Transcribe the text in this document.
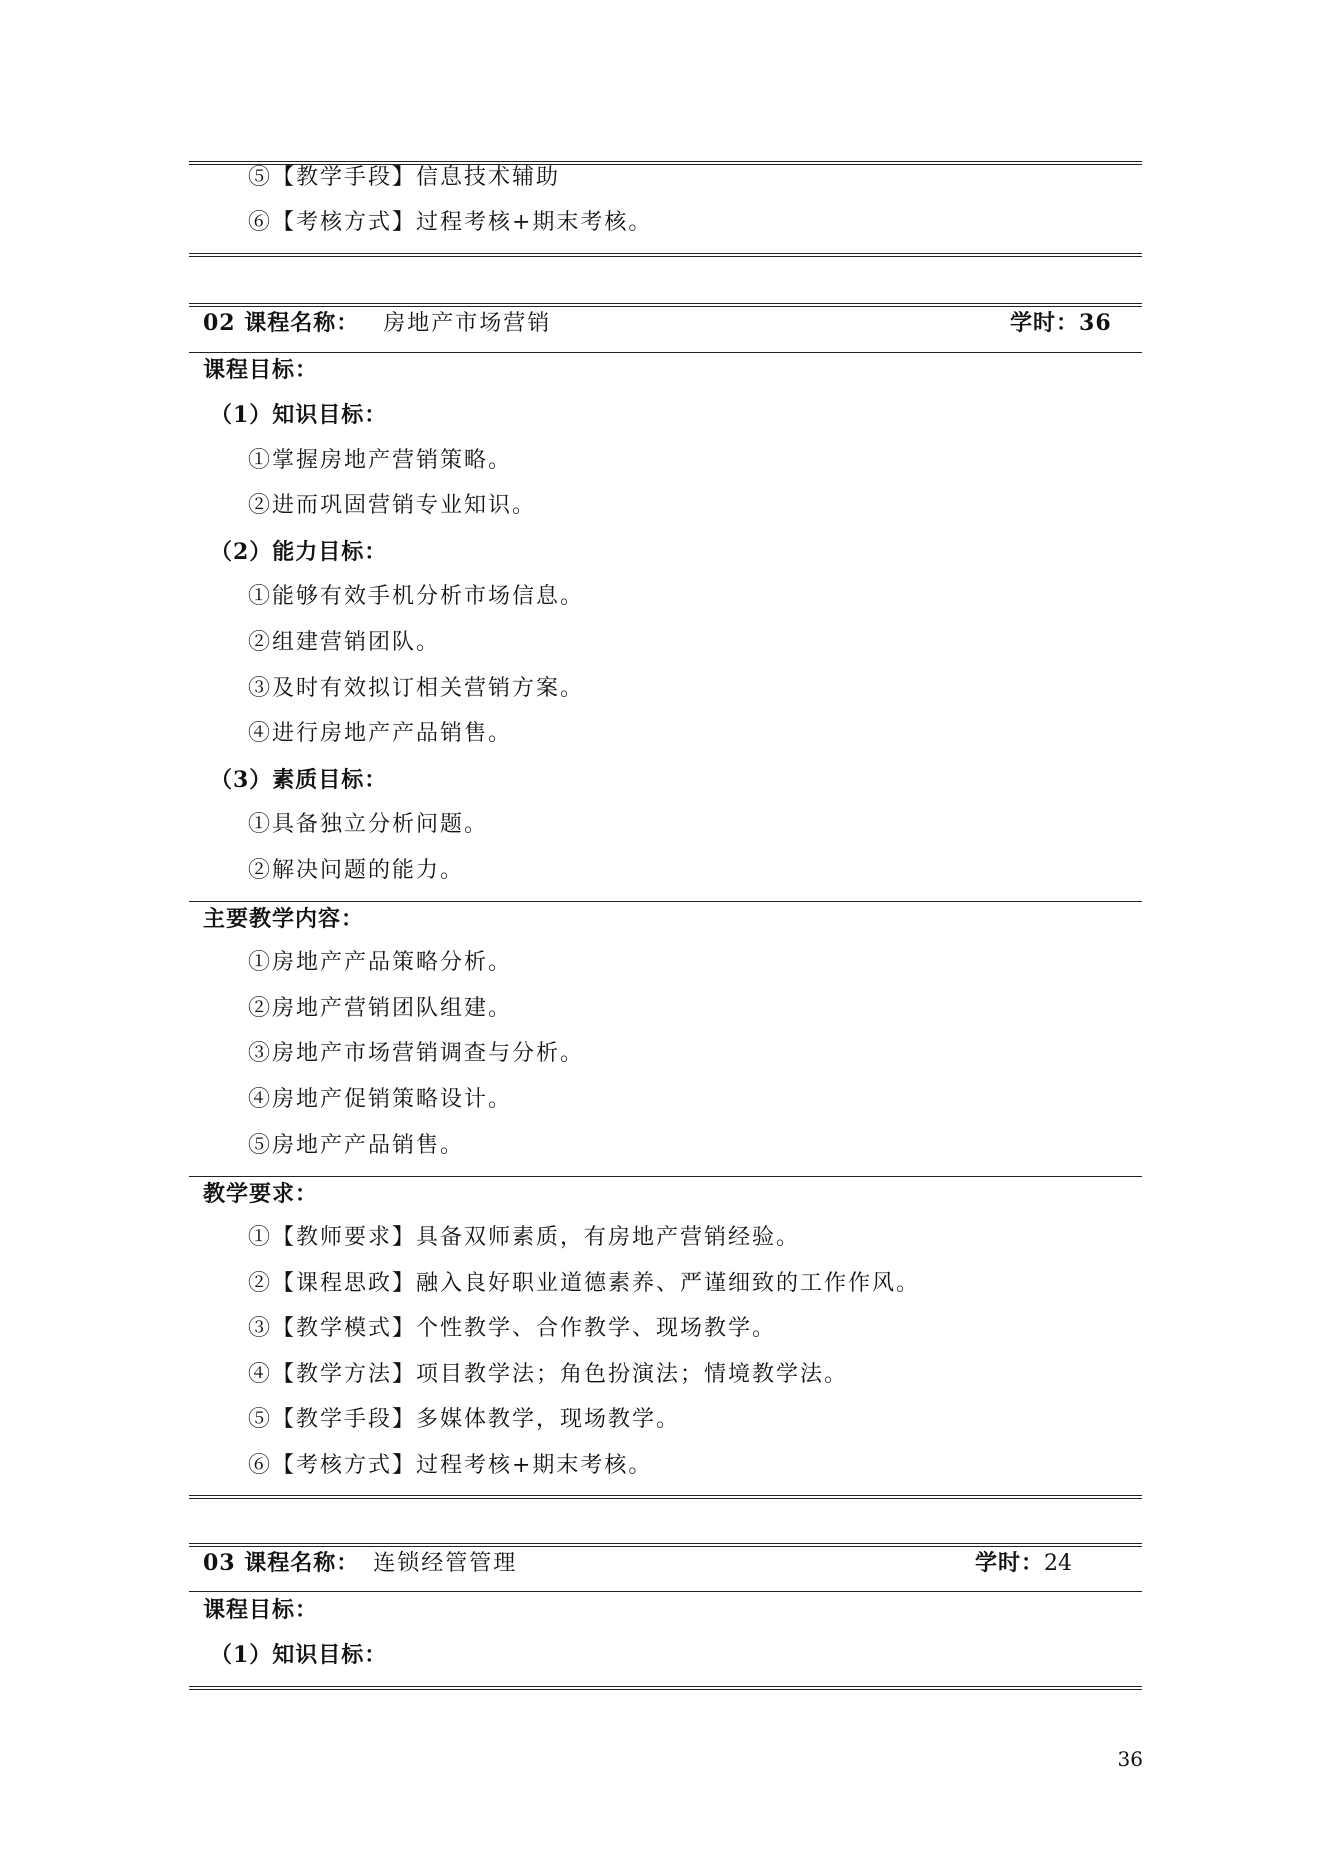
⑤【教学手段】信息技术辅助
⑥【考核方式】过程考核+期末考核。
02 课程名称： 房地产市场营销	学时：36
课程目标：
（1）知识目标：
①掌握房地产营销策略。
②进而巩固营销专业知识。
（2）能力目标：
①能够有效手机分析市场信息。
②组建营销团队。
③及时有效拟订相关营销方案。
④进行房地产产品销售。
（3）素质目标：
①具备独立分析问题。
②解决问题的能力。
主要教学内容：
①房地产产品策略分析。
②房地产营销团队组建。
③房地产市场营销调查与分析。
④房地产促销策略设计。
⑤房地产产品销售。
教学要求：
①【教师要求】具备双师素质，有房地产营销经验。
②【课程思政】融入良好职业道德素养、严谨细致的工作作风。
③【教学模式】个性教学、合作教学、现场教学。
④【教学方法】项目教学法；角色扮演法；情境教学法。
⑤【教学手段】多媒体教学，现场教学。
⑥【考核方式】过程考核+期末考核。
03 课程名称： 连锁经管管理	学时：24
课程目标：
（1）知识目标：
36
